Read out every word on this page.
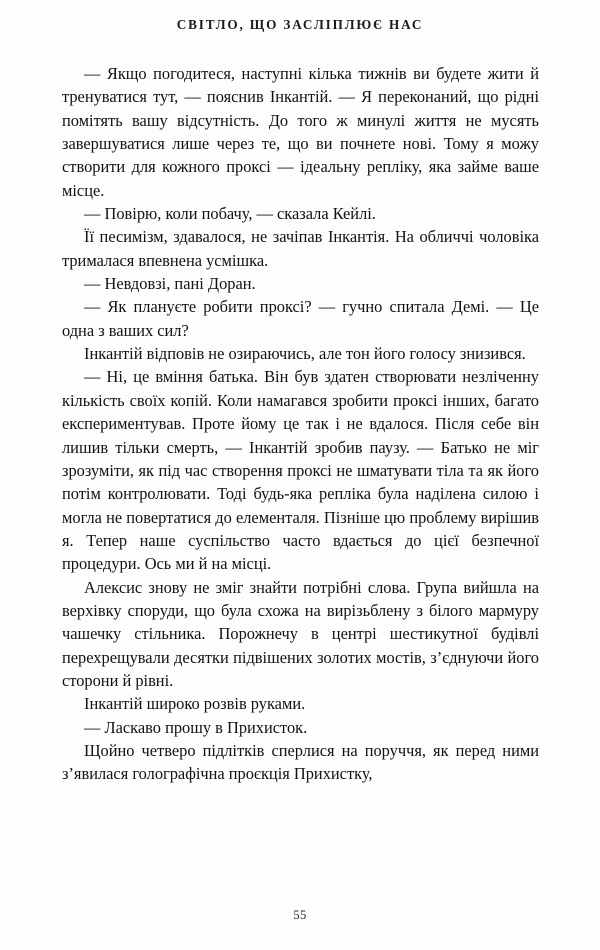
СВІТЛО, ЩО ЗАСЛІПЛЮЄ НАС

— Якщо погодитеся, наступні кілька тижнів ви будете жити й тренуватися тут, — пояснив Інкантій. — Я переконаний, що рідні помітять вашу відсутність. До того ж минулі життя не мусять завершуватися лише через те, що ви почнете нові. Тому я можу створити для кожного проксі — ідеальну репліку, яка займе ваше місце.

— Повірю, коли побачу, — сказала Кейлі.

Її песимізм, здавалося, не зачіпав Інкантія. На обличчі чоловіка трималася впевнена усмішка.

— Невдовзі, пані Доран.

— Як плануєте робити проксі? — гучно спитала Демі. — Це одна з ваших сил?

Інкантій відповів не озираючись, але тон його голосу знизився.

— Ні, це вміння батька. Він був здатен створювати незліченну кількість своїх копій. Коли намагався зробити проксі інших, багато експериментував. Проте йому це так і не вдалося. Після себе він лишив тільки смерть, — Інкантій зробив паузу. — Батько не міг зрозуміти, як під час створення проксі не шматувати тіла та як його потім контролювати. Тоді будь-яка репліка була наділена силою і могла не повертатися до елементаля. Пізніше цю проблему вирішив я. Тепер наше суспільство часто вдається до цієї безпечної процедури. Ось ми й на місці.

Алексис знову не зміг знайти потрібні слова. Група вийшла на верхівку споруди, що була схожа на вирізьблену з білого мармуру чашечку стільника. Порожнечу в центрі шестикутної будівлі перехрещували десятки підвішених золотих мостів, з’єднуючи його сторони й рівні.

Інкантій широко розвів руками.

— Ласкаво прошу в Прихисток.

Щойно четверо підлітків сперлися на поруччя, як перед ними з’явилася голографічна проєкція Прихистку,

55
